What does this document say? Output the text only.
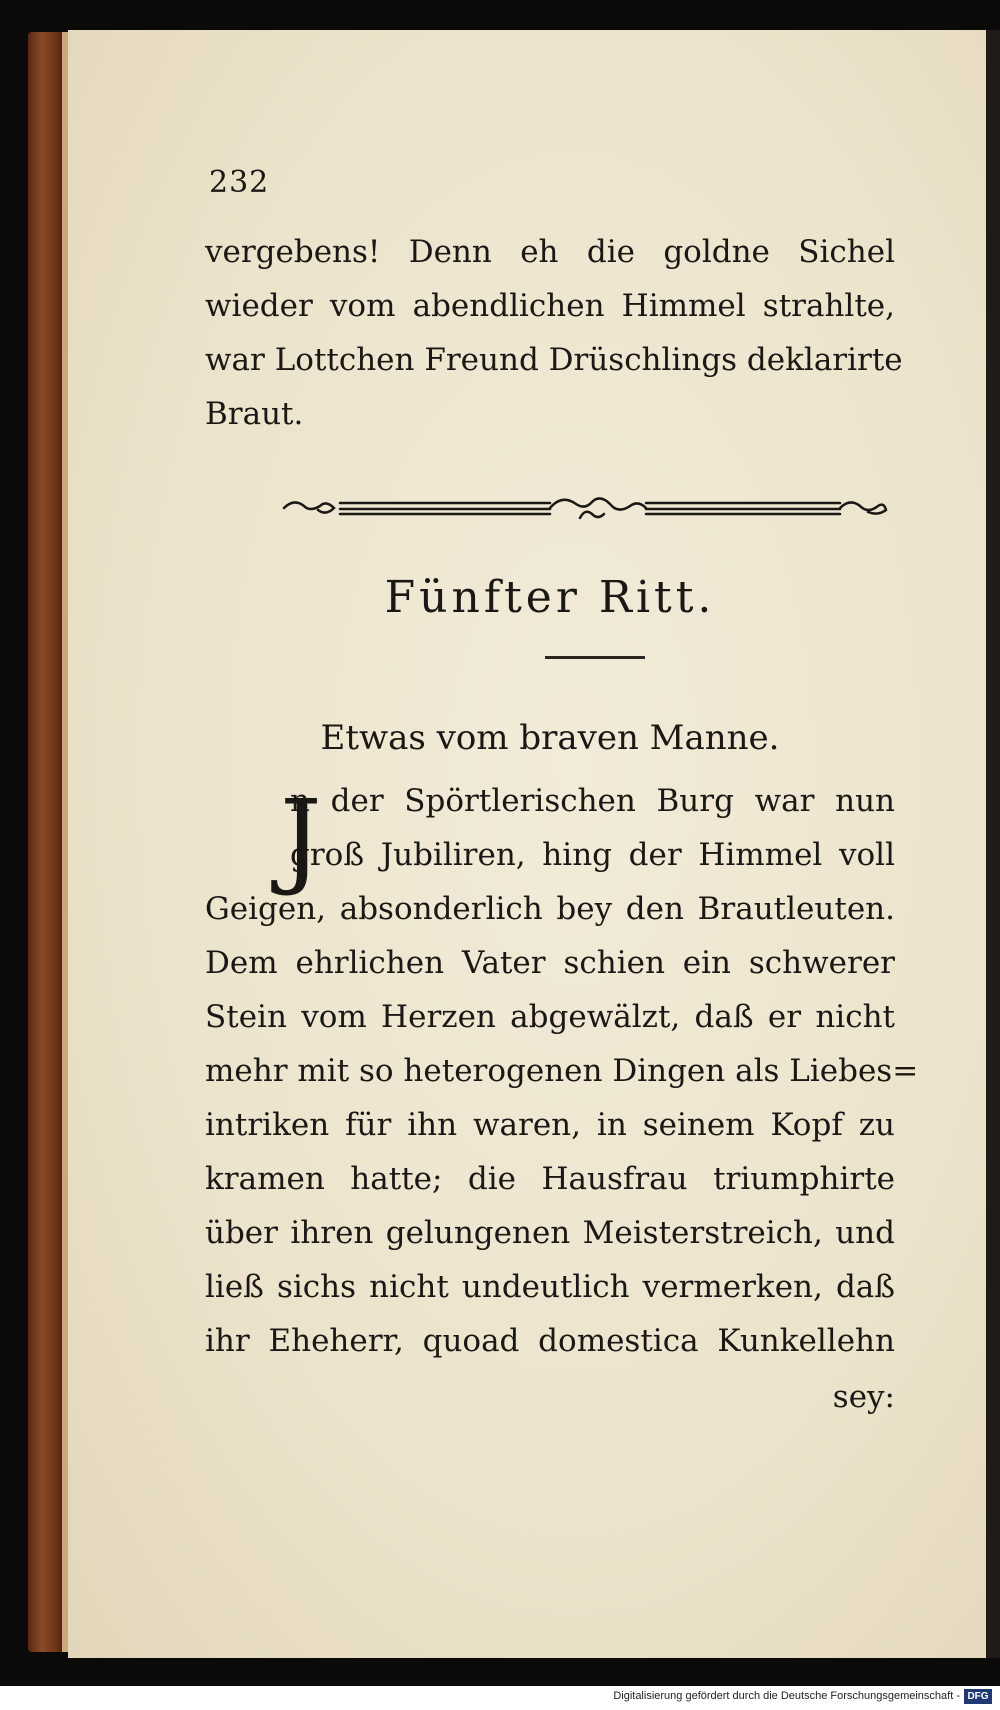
232
vergebens! Denn eh die goldne Sichel
wieder vom abendlichen Himmel strahlte,
war Lottchen Freund Drüschlings deklarirte
Braut.
Fünfter Ritt.
Etwas vom braven Manne.
J
n der Spörtlerischen Burg war nun
groß Jubiliren, hing der Himmel voll
Geigen, absonderlich bey den Brautleuten.
Dem ehrlichen Vater schien ein schwerer
Stein vom Herzen abgewälzt, daß er nicht
mehr mit so heterogenen Dingen als Liebes=
intriken für ihn waren, in seinem Kopf zu
kramen hatte; die Hausfrau triumphirte
über ihren gelungenen Meisterstreich, und
ließ sichs nicht undeutlich vermerken, daß
ihr Eheherr, quoad domestica Kunkellehn
sey:
Digitalisierung gefördert durch die Deutsche Forschungsgemeinschaft - DFG
